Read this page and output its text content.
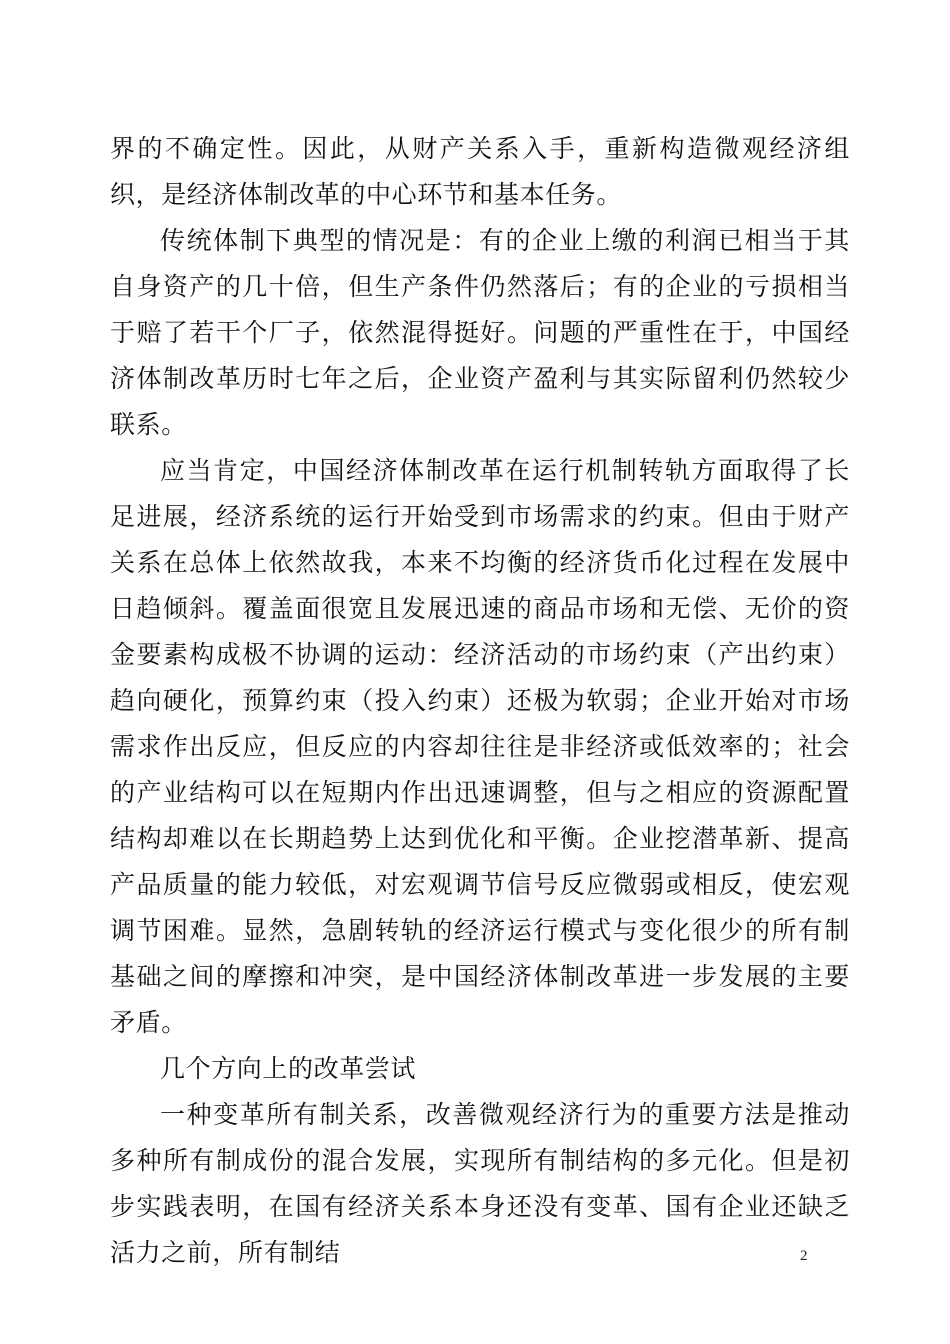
界的不确定性。因此，从财产关系入手，重新构造微观经济组织，是经济体制改革的中心环节和基本任务。

传统体制下典型的情况是：有的企业上缴的利润已相当于其自身资产的几十倍，但生产条件仍然落后；有的企业的亏损相当于赔了若干个厂子，依然混得挺好。问题的严重性在于，中国经济体制改革历时七年之后，企业资产盈利与其实际留利仍然较少联系。

应当肯定，中国经济体制改革在运行机制转轨方面取得了长足进展，经济系统的运行开始受到市场需求的约束。但由于财产关系在总体上依然故我，本来不均衡的经济货币化过程在发展中日趋倾斜。覆盖面很宽且发展迅速的商品市场和无偿、无价的资金要素构成极不协调的运动：经济活动的市场约束（产出约束）趋向硬化，预算约束（投入约束）还极为软弱；企业开始对市场需求作出反应，但反应的内容却往往是非经济或低效率的；社会的产业结构可以在短期内作出迅速调整，但与之相应的资源配置结构却难以在长期趋势上达到优化和平衡。企业挖潜革新、提高产品质量的能力较低，对宏观调节信号反应微弱或相反，使宏观调节困难。显然，急剧转轨的经济运行模式与变化很少的所有制基础之间的摩擦和冲突，是中国经济体制改革进一步发展的主要矛盾。

几个方向上的改革尝试

一种变革所有制关系，改善微观经济行为的重要方法是推动多种所有制成份的混合发展，实现所有制结构的多元化。但是初步实践表明，在国有经济关系本身还没有变革、国有企业还缺乏活力之前，所有制结	2
